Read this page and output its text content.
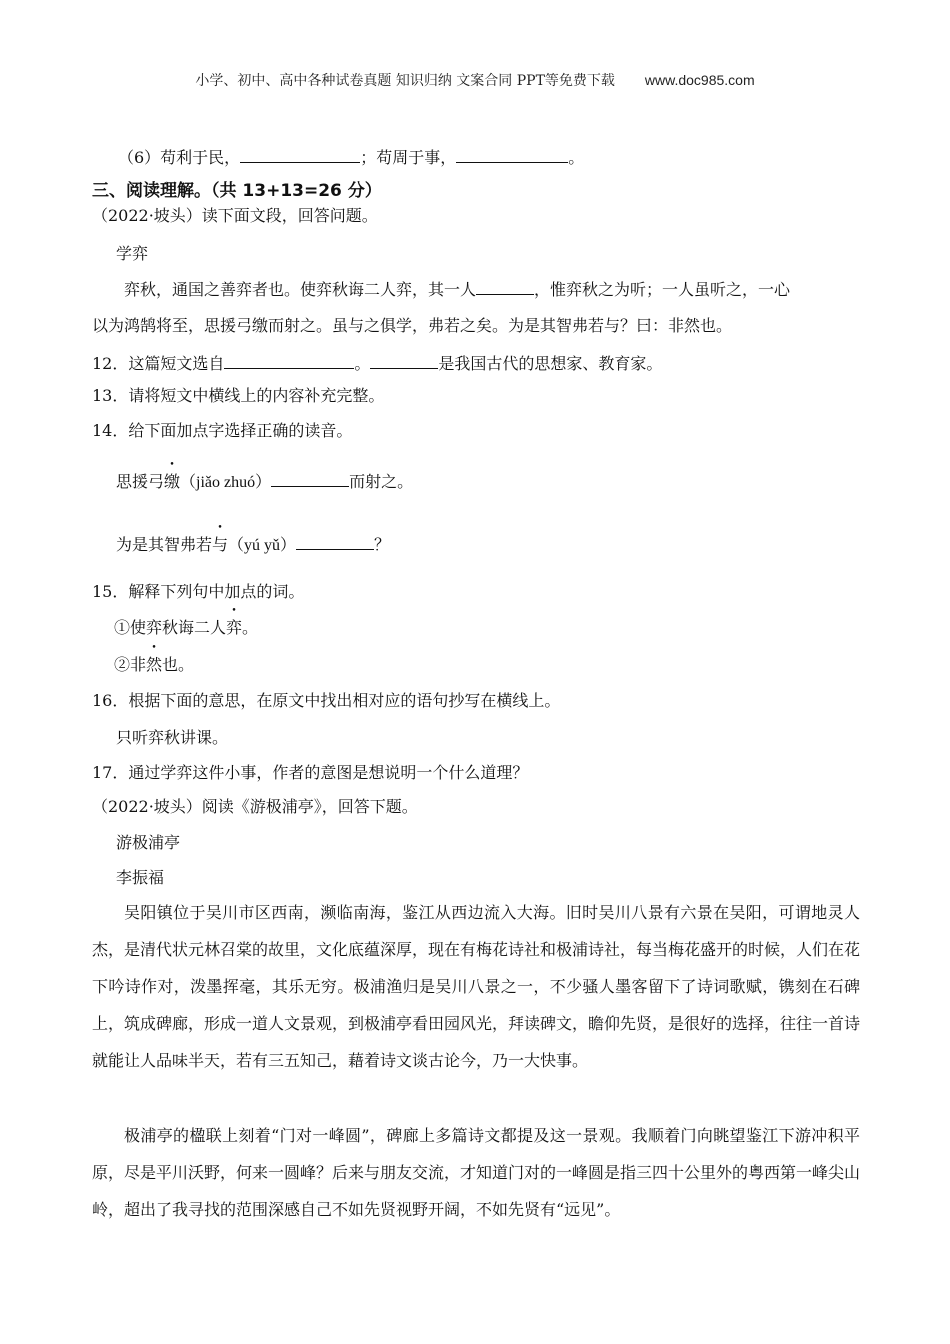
小学、初中、高中各种试卷真题 知识归纳 文案合同 PPT等免费下载 www.doc985.com
（6）苟利于民，	；苟周于事，	。
三、阅读理解。（共 13+13=26 分）
（2022·坡头）读下面文段，回答问题。
学弈
弈秋，通国之善弈者也。使弈秋诲二人弈，其一人	，惟弈秋之为听；一人虽听之，一心
以为鸿鹄将至，思援弓缴而射之。虽与之俱学，弗若之矣。为是其智弗若与？曰：非然也。
12．这篇短文选自	。	是我国古代的思想家、教育家。
13．请将短文中横线上的内容补充完整。
14．给下面加点字选择正确的读音。
思援弓缴（jiǎo zhuó）	而射之。
为是其智弗若与（yú yǔ）	？
15．解释下列句中加点的词。
①使弈秋诲二人弈。
②非然也。
16．根据下面的意思，在原文中找出相对应的语句抄写在横线上。
只听弈秋讲课。
17．通过学弈这件小事，作者的意图是想说明一个什么道理？
（2022·坡头）阅读《游极浦亭》，回答下题。
游极浦亭
李振福

吴阳镇位于吴川市区西南，濒临南海，鉴江从西边流入大海。旧时吴川八景有六景在吴阳，可谓地灵人杰，是清代状元林召棠的故里，文化底蕴深厚，现在有梅花诗社和极浦诗社，每当梅花盛开的时候，人们在花下吟诗作对，泼墨挥毫，其乐无穷。极浦渔归是吴川八景之一，不少骚人墨客留下了诗词歌赋，镌刻在石碑上，筑成碑廊，形成一道人文景观，到极浦亭看田园风光，拜读碑文，瞻仰先贤，是很好的选择，往往一首诗就能让人品味半天，若有三五知己，藉着诗文谈古论今，乃一大快事。

极浦亭的楹联上刻着“门对一峰圆”，碑廊上多篇诗文都提及这一景观。我顺着门向眺望鉴江下游冲积平原，尽是平川沃野，何来一圆峰？后来与朋友交流，才知道门对的一峰圆是指三四十公里外的粤西第一峰尖山岭，超出了我寻找的范围深感自己不如先贤视野开阔，不如先贤有“远见”。
